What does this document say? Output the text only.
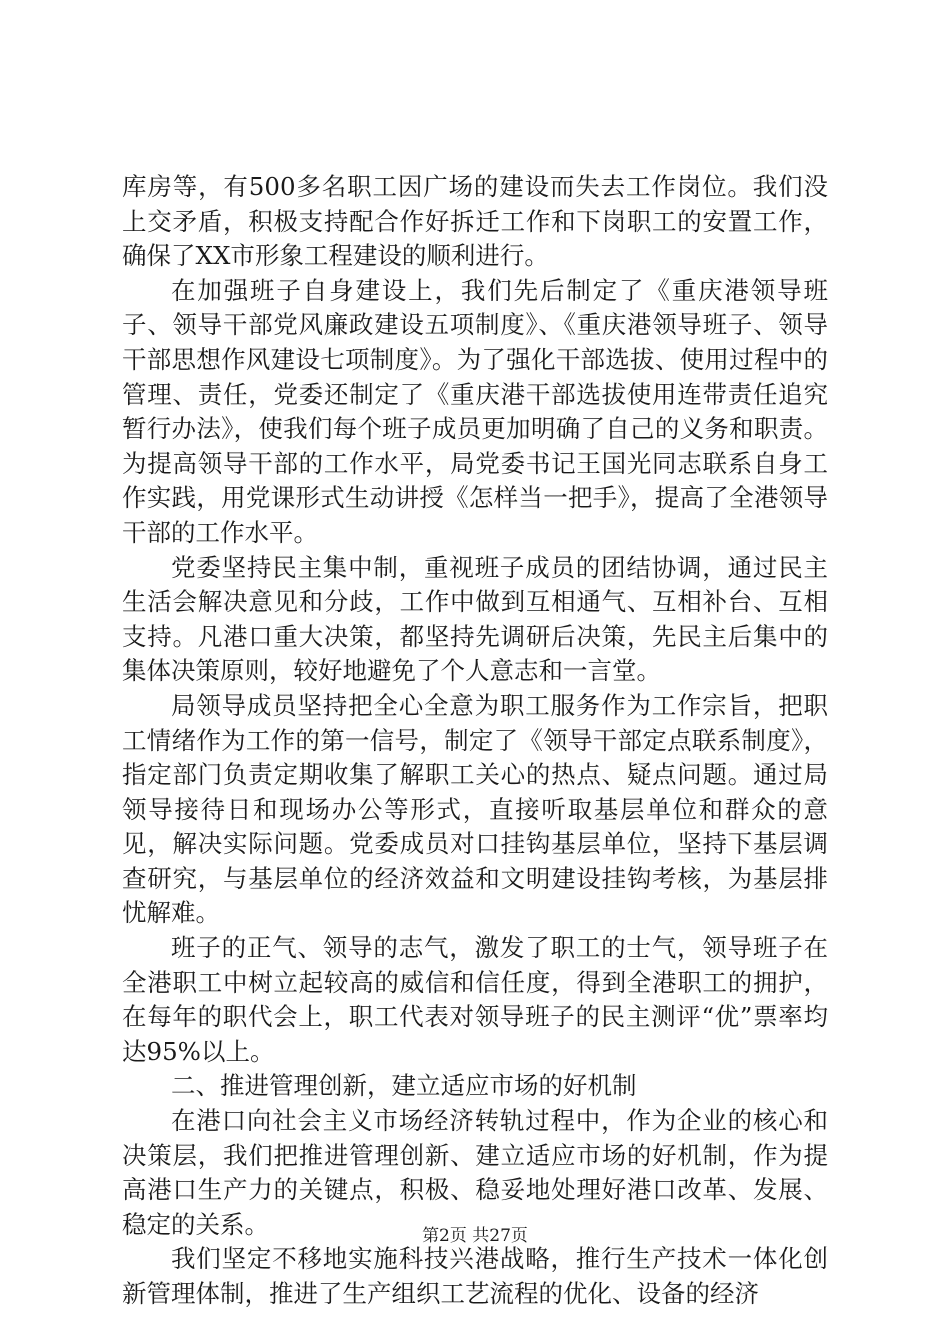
库房等，有500多名职工因广场的建设而失去工作岗位。我们没上交矛盾，积极支持配合作好拆迁工作和下岗职工的安置工作，确保了XX市形象工程建设的顺利进行。

在加强班子自身建设上，我们先后制定了《重庆港领导班子、领导干部党风廉政建设五项制度》、《重庆港领导班子、领导干部思想作风建设七项制度》。为了强化干部选拔、使用过程中的管理、责任，党委还制定了《重庆港干部选拔使用连带责任追究暂行办法》，使我们每个班子成员更加明确了自己的义务和职责。为提高领导干部的工作水平，局党委书记王国光同志联系自身工作实践，用党课形式生动讲授《怎样当一把手》，提高了全港领导干部的工作水平。

党委坚持民主集中制，重视班子成员的团结协调，通过民主生活会解决意见和分歧，工作中做到互相通气、互相补台、互相支持。凡港口重大决策，都坚持先调研后决策，先民主后集中的集体决策原则，较好地避免了个人意志和一言堂。

局领导成员坚持把全心全意为职工服务作为工作宗旨，把职工情绪作为工作的第一信号，制定了《领导干部定点联系制度》，指定部门负责定期收集了解职工关心的热点、疑点问题。通过局领导接待日和现场办公等形式，直接听取基层单位和群众的意见，解决实际问题。党委成员对口挂钩基层单位，坚持下基层调查研究，与基层单位的经济效益和文明建设挂钩考核，为基层排忧解难。

班子的正气、领导的志气，激发了职工的士气，领导班子在全港职工中树立起较高的威信和信任度，得到全港职工的拥护，在每年的职代会上，职工代表对领导班子的民主测评“优”票率均达95%以上。

二、推进管理创新，建立适应市场的好机制

在港口向社会主义市场经济转轨过程中，作为企业的核心和决策层，我们把推进管理创新、建立适应市场的好机制，作为提高港口生产力的关键点，积极、稳妥地处理好港口改革、发展、稳定的关系。

我们坚定不移地实施科技兴港战略，推行生产技术一体化创新管理体制，推进了生产组织工艺流程的优化、设备的经济

第2页 共27页
